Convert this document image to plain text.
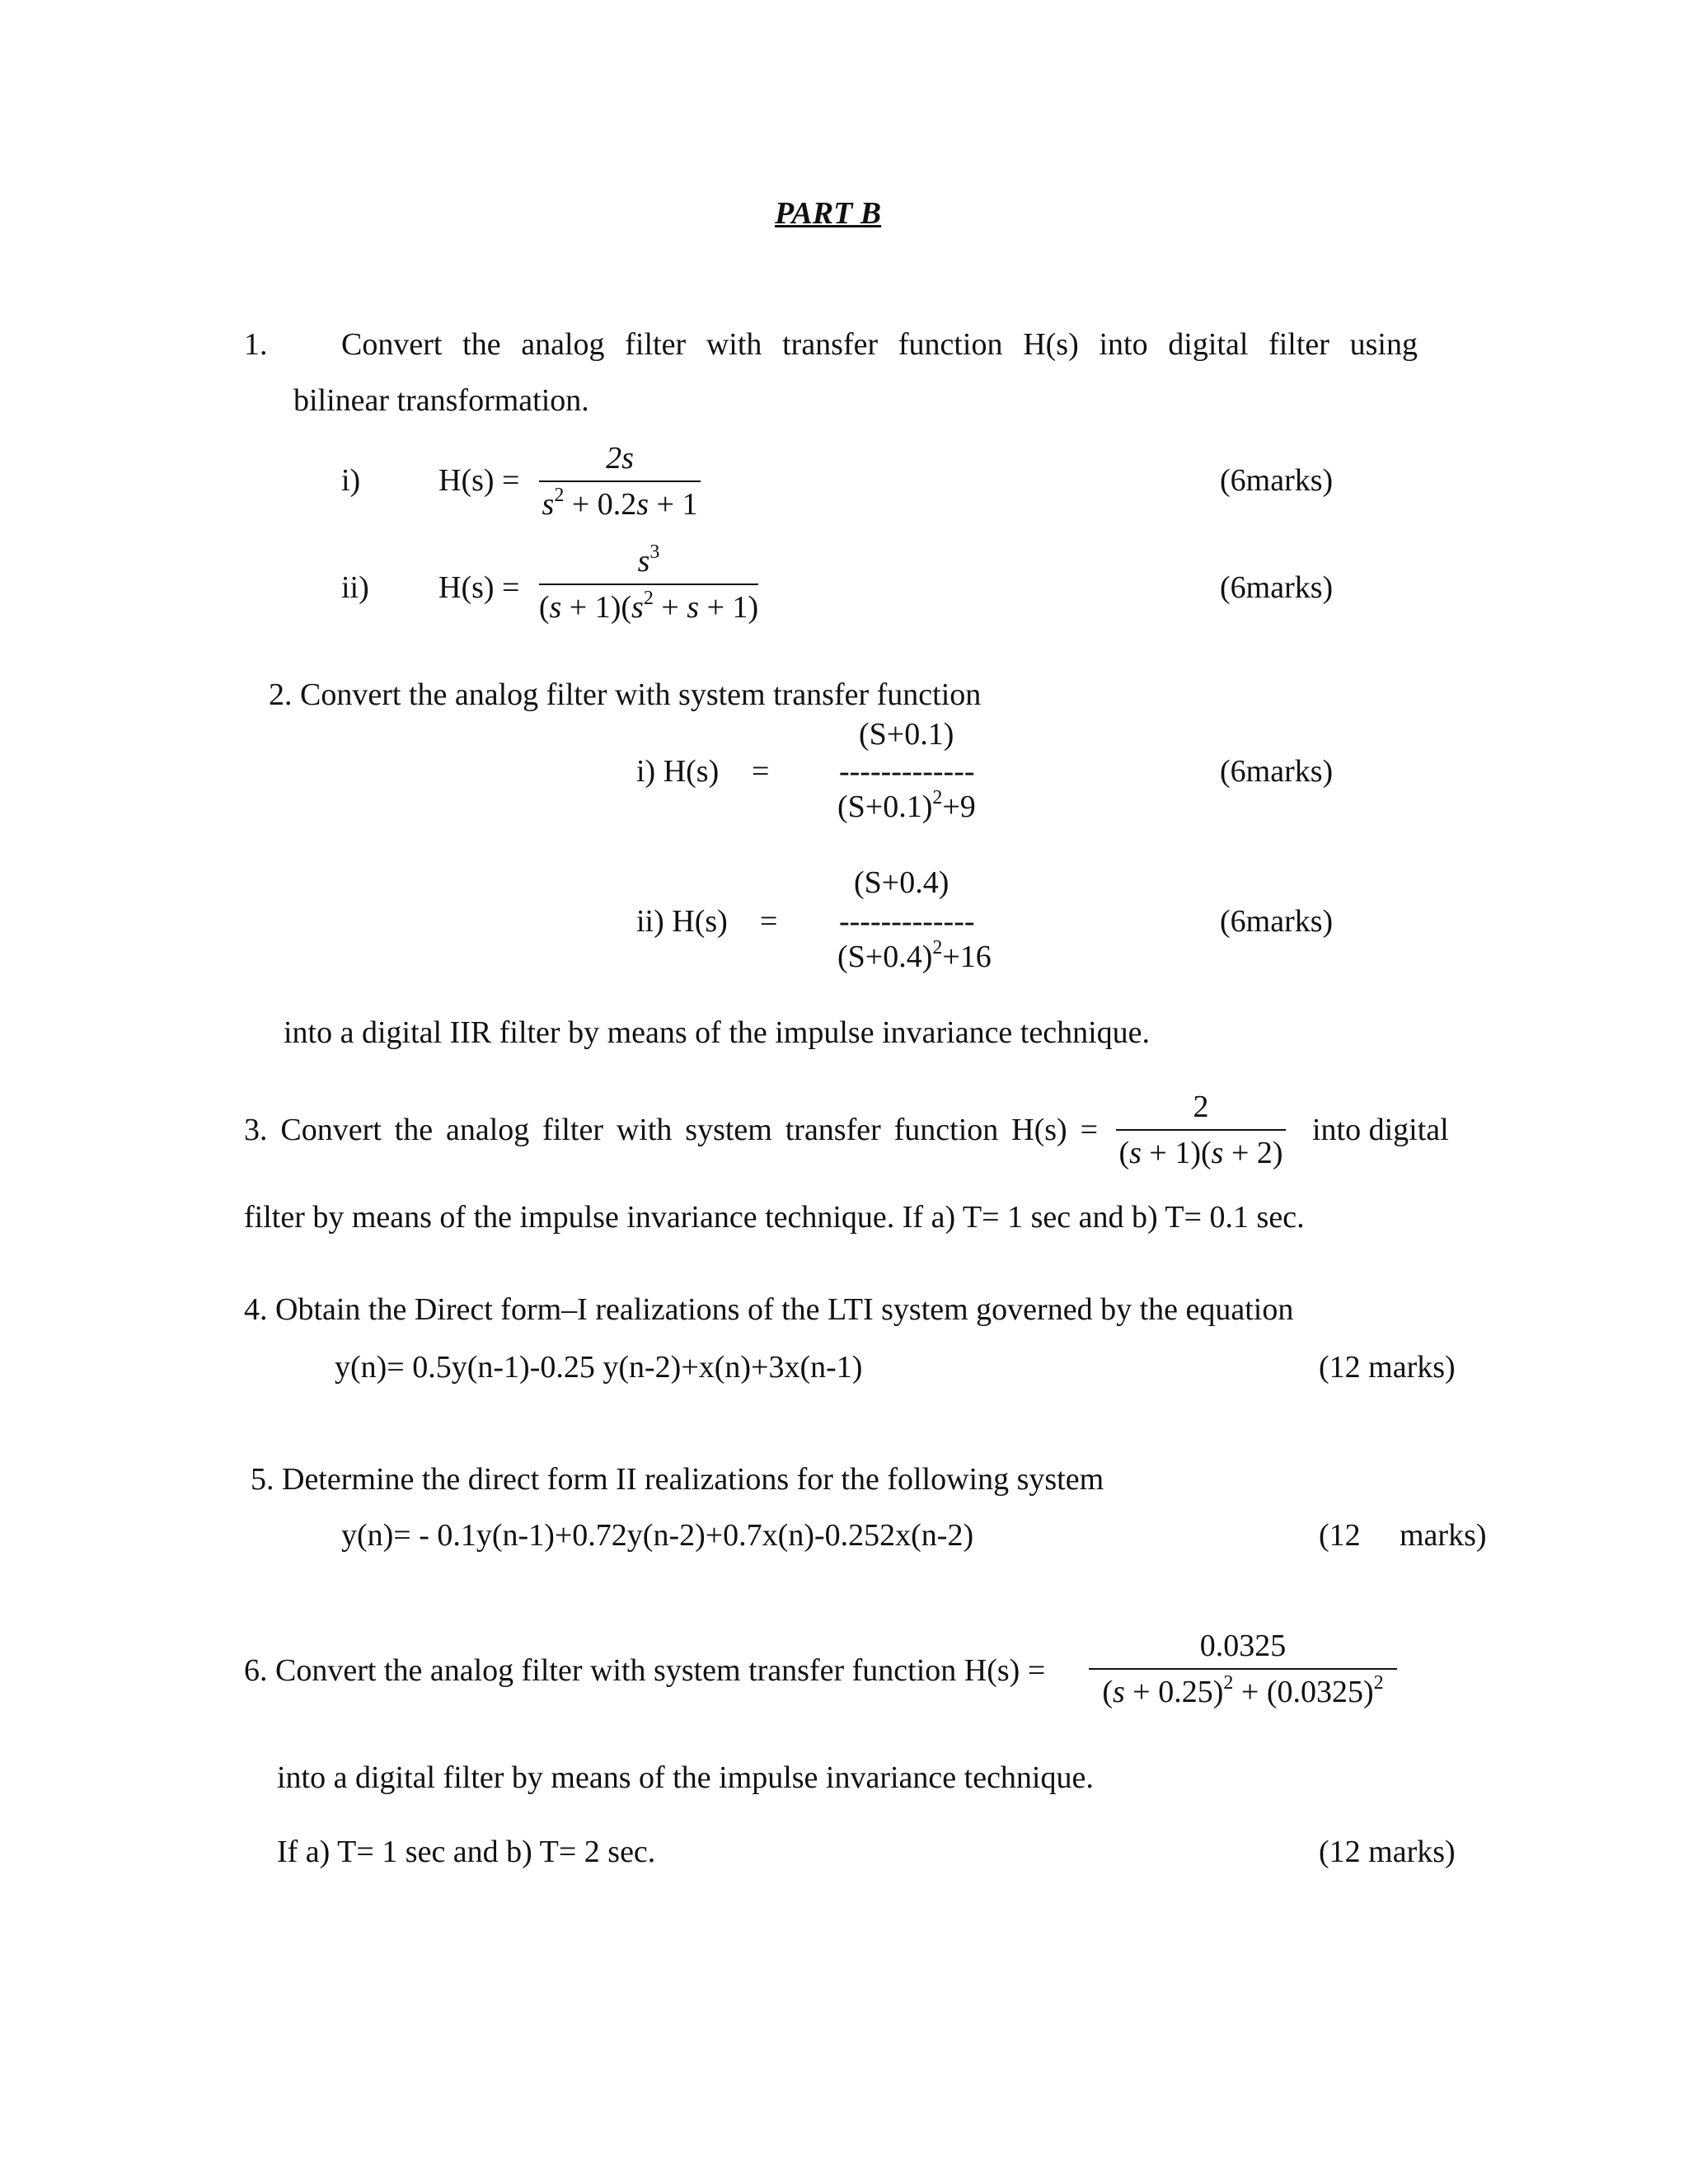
PART B
1. Convert the analog filter with transfer function H(s) into digital filter using
bilinear transformation.
i) H(s) =
2s
$s^2 + 0.2s + 1$
(6marks)
ii) H(s) =
$s^3$
$(s + 1)(s^2 + s + 1)$
(6marks)
2. Convert the analog filter with system transfer function
(S+0.1)
i) H(s) = -------------	(6marks)
$(S+0.1)^2+9$
(S+0.4)
ii) H(s) = -------------	(6marks)
$(S+0.4)^2+16$
into a digital IIR filter by means of the impulse invariance technique.
3. Convert the analog filter with system transfer function H(s) =
2
(s + 1)(s + 2)
into digital
filter by means of the impulse invariance technique. If a) T= 1 sec and b) T= 0.1 sec.
4. Obtain the Direct form–I realizations of the LTI system governed by the equation
y(n)= 0.5y(n-1)-0.25 y(n-2)+x(n)+3x(n-1)	(12 marks)
5. Determine the direct form II realizations for the following system
y(n)= - 0.1y(n-1)+0.72y(n-2)+0.7x(n)-0.252x(n-2)	(12 marks)
6. Convert the analog filter with system transfer function H(s) =
0.0325
$(s + 0.25)^2 + (0.0325)^2$
into a digital filter by means of the impulse invariance technique.
If a) T= 1 sec and b) T= 2 sec.	(12 marks)
